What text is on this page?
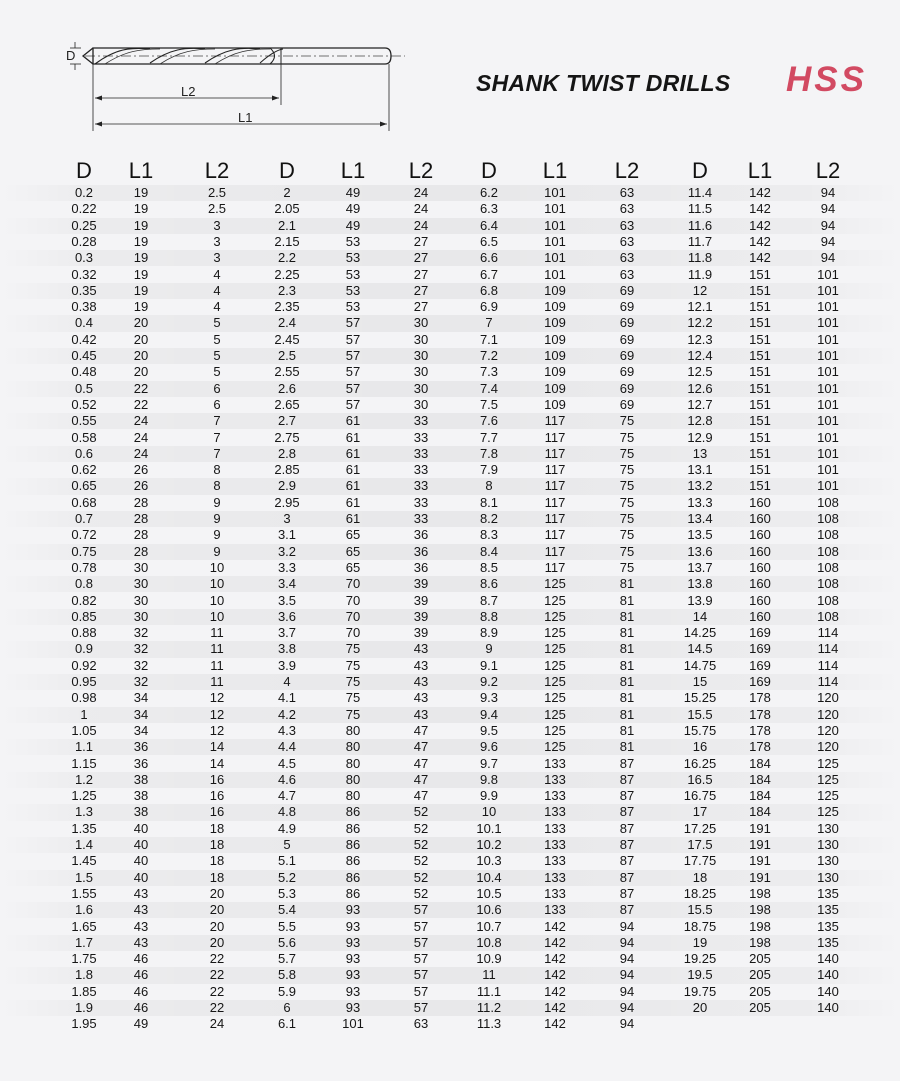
D
L2
L1
SHANK TWIST DRILLS HSS
D	L1	L2	D	L1	L2	D	L1	L2	D	L1	L2
0.2	19	2.5	2	49	24	6.2	101	63	11.4	142	94
0.22	19	2.5	2.05	49	24	6.3	101	63	11.5	142	94
0.25	19	3	2.1	49	24	6.4	101	63	11.6	142	94
0.28	19	3	2.15	53	27	6.5	101	63	11.7	142	94
0.3	19	3	2.2	53	27	6.6	101	63	11.8	142	94
0.32	19	4	2.25	53	27	6.7	101	63	11.9	151	101
0.35	19	4	2.3	53	27	6.8	109	69	12	151	101
0.38	19	4	2.35	53	27	6.9	109	69	12.1	151	101
0.4	20	5	2.4	57	30	7	109	69	12.2	151	101
0.42	20	5	2.45	57	30	7.1	109	69	12.3	151	101
0.45	20	5	2.5	57	30	7.2	109	69	12.4	151	101
0.48	20	5	2.55	57	30	7.3	109	69	12.5	151	101
0.5	22	6	2.6	57	30	7.4	109	69	12.6	151	101
0.52	22	6	2.65	57	30	7.5	109	69	12.7	151	101
0.55	24	7	2.7	61	33	7.6	117	75	12.8	151	101
0.58	24	7	2.75	61	33	7.7	117	75	12.9	151	101
0.6	24	7	2.8	61	33	7.8	117	75	13	151	101
0.62	26	8	2.85	61	33	7.9	117	75	13.1	151	101
0.65	26	8	2.9	61	33	8	117	75	13.2	151	101
0.68	28	9	2.95	61	33	8.1	117	75	13.3	160	108
0.7	28	9	3	61	33	8.2	117	75	13.4	160	108
0.72	28	9	3.1	65	36	8.3	117	75	13.5	160	108
0.75	28	9	3.2	65	36	8.4	117	75	13.6	160	108
0.78	30	10	3.3	65	36	8.5	117	75	13.7	160	108
0.8	30	10	3.4	70	39	8.6	125	81	13.8	160	108
0.82	30	10	3.5	70	39	8.7	125	81	13.9	160	108
0.85	30	10	3.6	70	39	8.8	125	81	14	160	108
0.88	32	11	3.7	70	39	8.9	125	81	14.25	169	114
0.9	32	11	3.8	75	43	9	125	81	14.5	169	114
0.92	32	11	3.9	75	43	9.1	125	81	14.75	169	114
0.95	32	11	4	75	43	9.2	125	81	15	169	114
0.98	34	12	4.1	75	43	9.3	125	81	15.25	178	120
1	34	12	4.2	75	43	9.4	125	81	15.5	178	120
1.05	34	12	4.3	80	47	9.5	125	81	15.75	178	120
1.1	36	14	4.4	80	47	9.6	125	81	16	178	120
1.15	36	14	4.5	80	47	9.7	133	87	16.25	184	125
1.2	38	16	4.6	80	47	9.8	133	87	16.5	184	125
1.25	38	16	4.7	80	47	9.9	133	87	16.75	184	125
1.3	38	16	4.8	86	52	10	133	87	17	184	125
1.35	40	18	4.9	86	52	10.1	133	87	17.25	191	130
1.4	40	18	5	86	52	10.2	133	87	17.5	191	130
1.45	40	18	5.1	86	52	10.3	133	87	17.75	191	130
1.5	40	18	5.2	86	52	10.4	133	87	18	191	130
1.55	43	20	5.3	86	52	10.5	133	87	18.25	198	135
1.6	43	20	5.4	93	57	10.6	133	87	15.5	198	135
1.65	43	20	5.5	93	57	10.7	142	94	18.75	198	135
1.7	43	20	5.6	93	57	10.8	142	94	19	198	135
1.75	46	22	5.7	93	57	10.9	142	94	19.25	205	140
1.8	46	22	5.8	93	57	11	142	94	19.5	205	140
1.85	46	22	5.9	93	57	11.1	142	94	19.75	205	140
1.9	46	22	6	93	57	11.2	142	94	20	205	140
1.95	49	24	6.1	101	63	11.3	142	94
